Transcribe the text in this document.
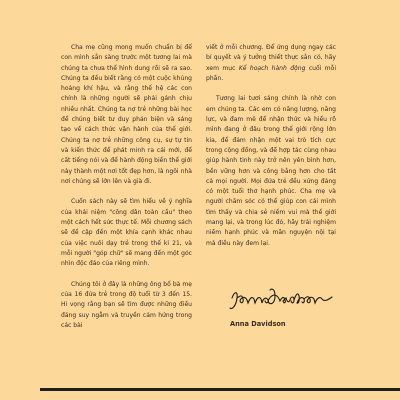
Cha mẹ cũng mong muốn chuẩn bị để con mình sẵn sàng trước một tương lai mà chúng ta chưa thể hình dung rồi sẽ ra sao. Chúng ta đều biết rằng có một cuộc khủng hoảng khí hậu, và rằng thế hệ các con chính là những người sẽ phải gánh chịu nhiều nhất. Chúng ta nợ trẻ những bài học để chúng biết tư duy phản biện và sáng tạo về cách thức vận hành của thế giới. Chúng ta nợ trẻ những công cụ, sự tự tin và kiến thức để phát minh ra cái mới, để cất tiếng nói và để hành động biến thế giới này thành một nơi tốt đẹp hơn, là ngôi nhà nơi chúng sẽ lớn lên và già đi.

Cuốn sách này sẽ tìm hiểu về ý nghĩa của khái niệm "công dân toàn cầu" theo một cách hết sức thực tế. Mỗi chương sách sẽ đề cập đến một khía cạnh khác nhau của việc nuôi dạy trẻ trong thế kỉ 21, và mỗi người "góp chữ" sẽ mang đến một góc nhìn độc đáo của riêng mình.

Chúng tôi ở đây là những ông bố bà mẹ của 16 đứa trẻ trong độ tuổi từ 3 đến 15. Hi vọng rằng bạn sẽ tìm được những điều đáng suy ngẫm và truyền cảm hứng trong các bài

viết ở mỗi chương. Để ứng dụng ngay các bí quyết và ý tưởng thiết thực sẵn có, hãy xem mục Kế hoạch hành động cuối mỗi phần.

Tương lai tươi sáng chính là nhờ con em chúng ta. Các em có năng lượng, năng lực, và đam mê để nhận thức và hiểu rõ mình đang ở đâu trong thế giới rộng lớn kia, để đảm nhận một vai trò tích cực trong cộng đồng, và để hợp tác cùng nhau giúp hành tinh này trở nên yên bình hơn, bền vững hơn và công bằng hơn cho tất cả mọi người. Mọi đứa trẻ đều xứng đáng có một tuổi thơ hạnh phúc. Cha mẹ và người chăm sóc có thể giúp con cái mình tìm thấy và chia sẻ niềm vui mà thế giới mang lại, và trong lúc đó, hãy trải nghiệm niềm hạnh phúc và mãn nguyện nội tại mà điều này đem lại.

Anna Davidson
